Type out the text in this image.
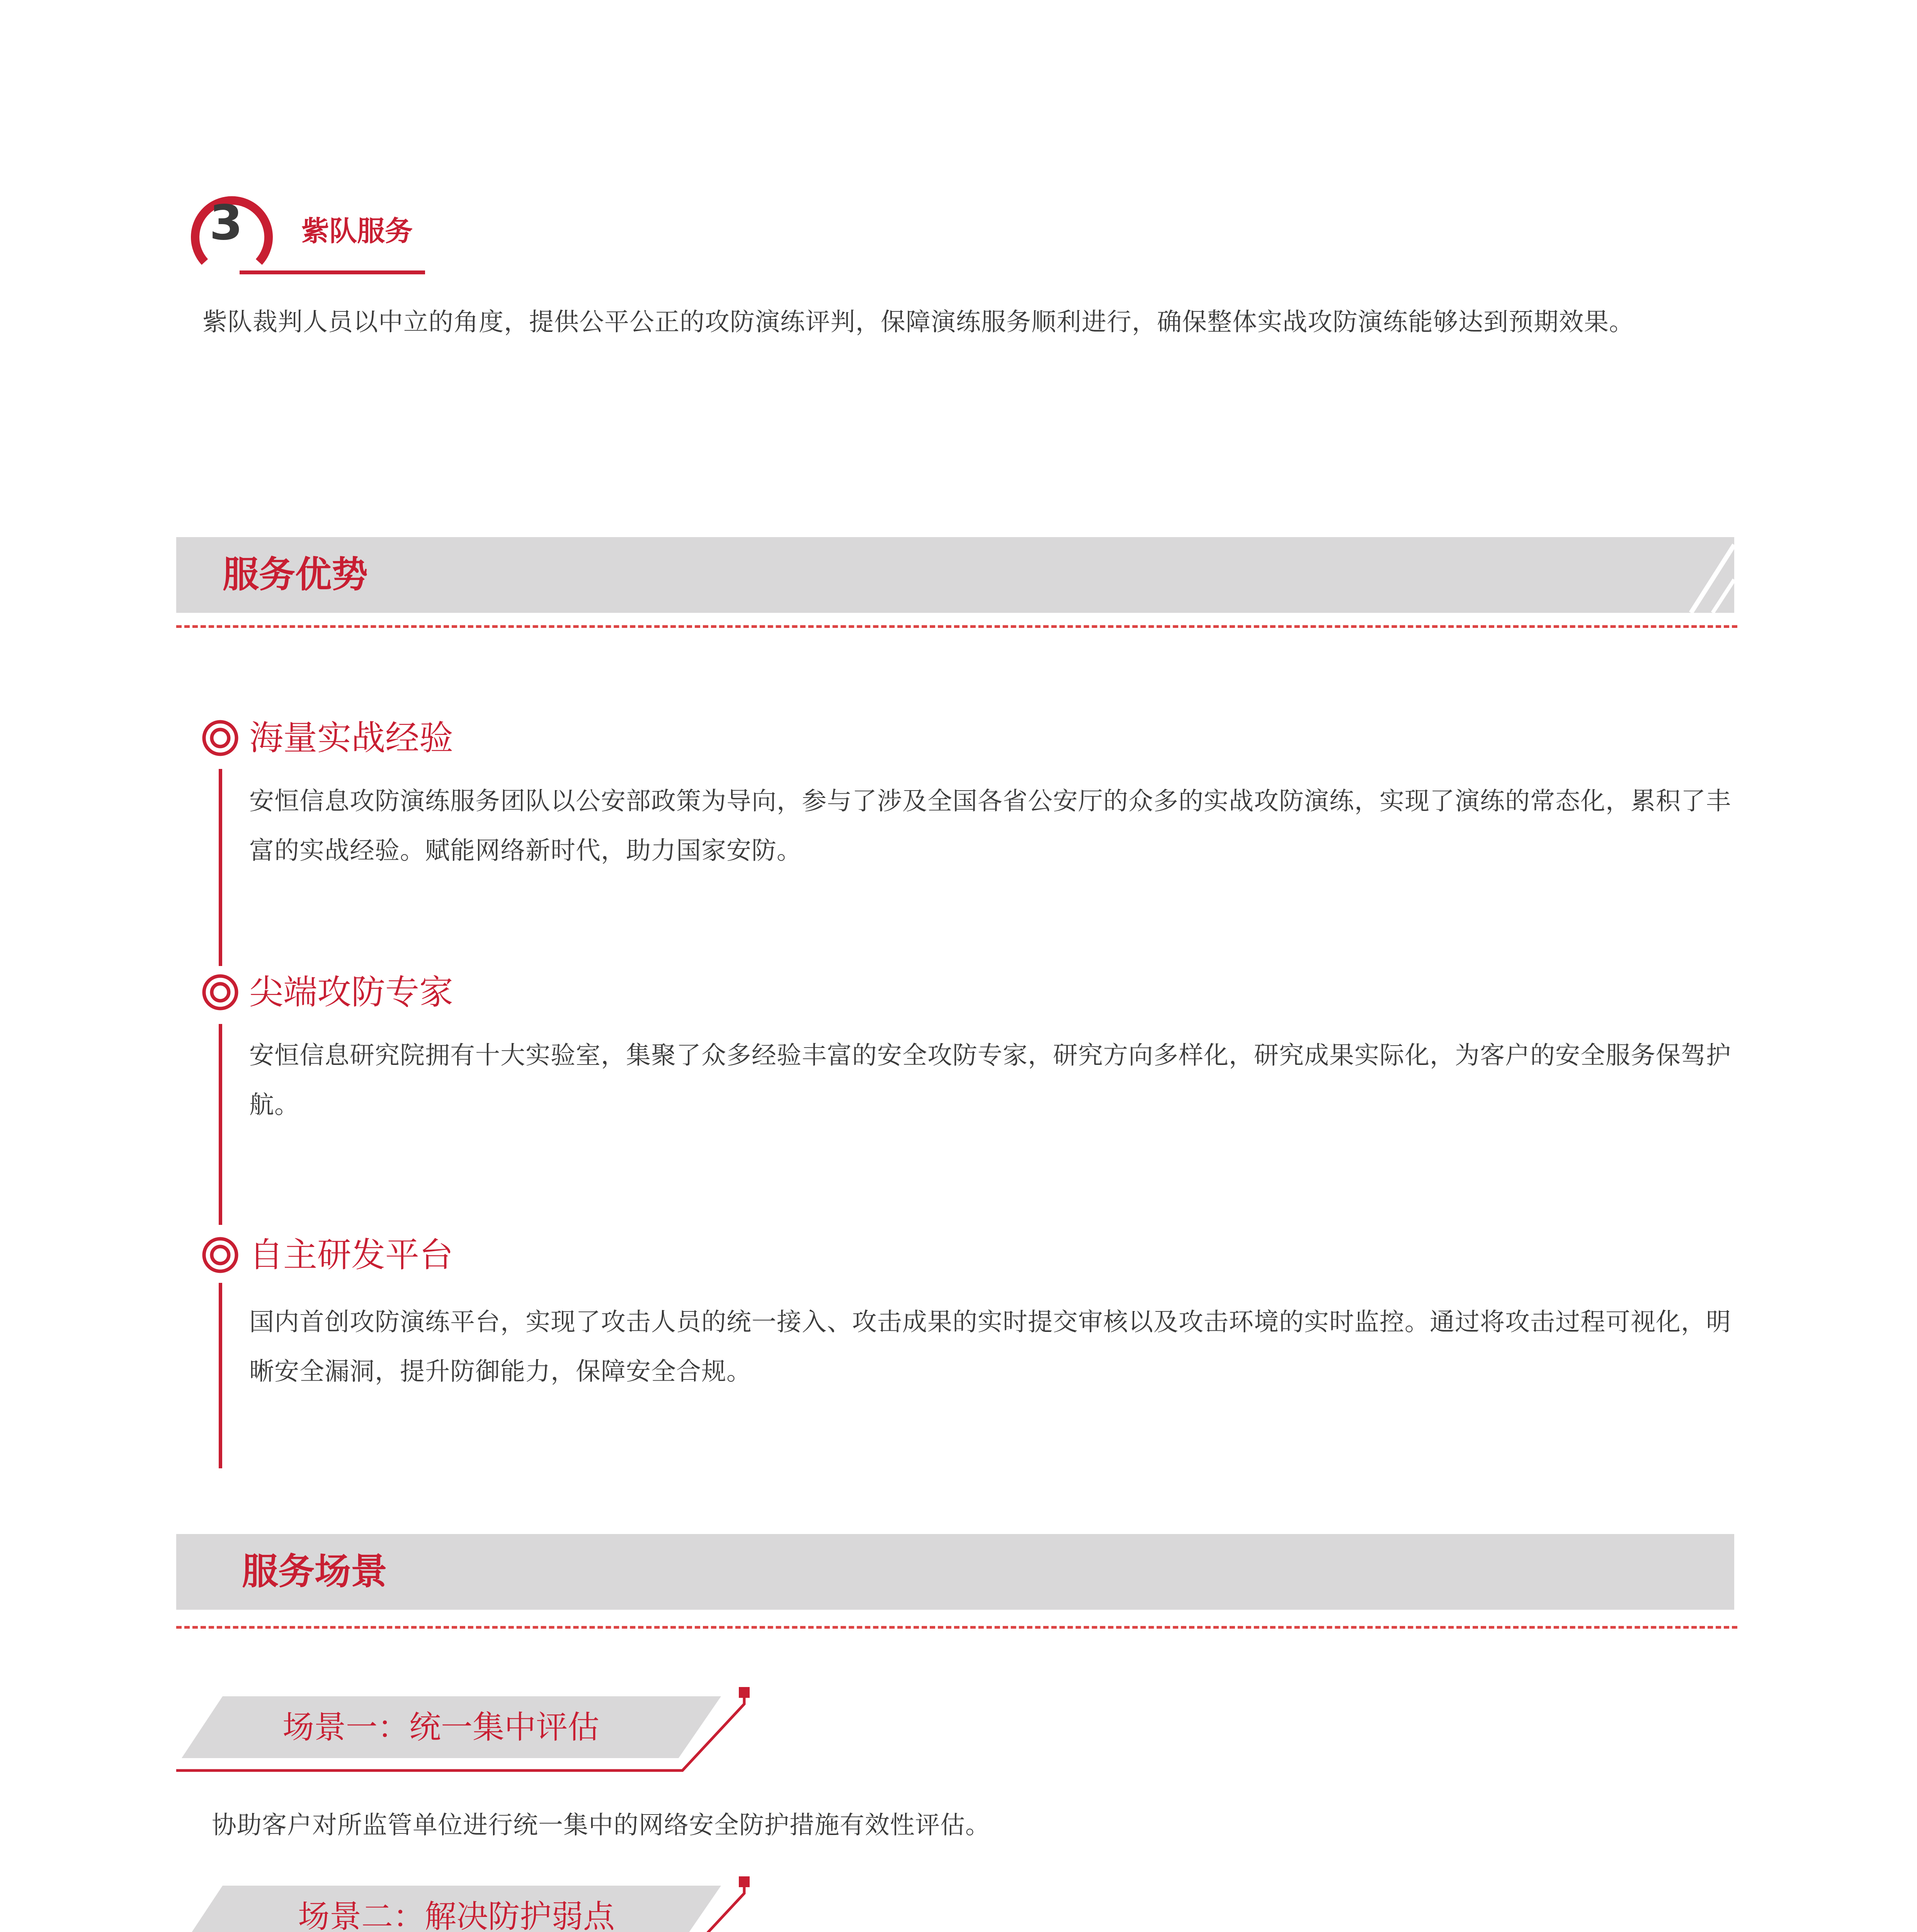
3	紫队服务
紫队裁判人员以中立的角度，提供公平公正的攻防演练评判，保障演练服务顺利进行，确保整体实战攻防演练能够达到预期效果。
服务优势
海量实战经验
安恒信息攻防演练服务团队以公安部政策为导向，参与了涉及全国各省公安厅的众多的实战攻防演练，实现了演练的常态化，累积了丰富的实战经验。赋能网络新时代，助力国家安防。
尖端攻防专家
安恒信息研究院拥有十大实验室，集聚了众多经验丰富的安全攻防专家，研究方向多样化，研究成果实际化，为客户的安全服务保驾护航。
自主研发平台
国内首创攻防演练平台，实现了攻击人员的统一接入、攻击成果的实时提交审核以及攻击环境的实时监控。通过将攻击过程可视化，明晰安全漏洞，提升防御能力，保障安全合规。
服务场景
场景一：统一集中评估
协助客户对所监管单位进行统一集中的网络安全防护措施有效性评估。
场景二：解决防护弱点
